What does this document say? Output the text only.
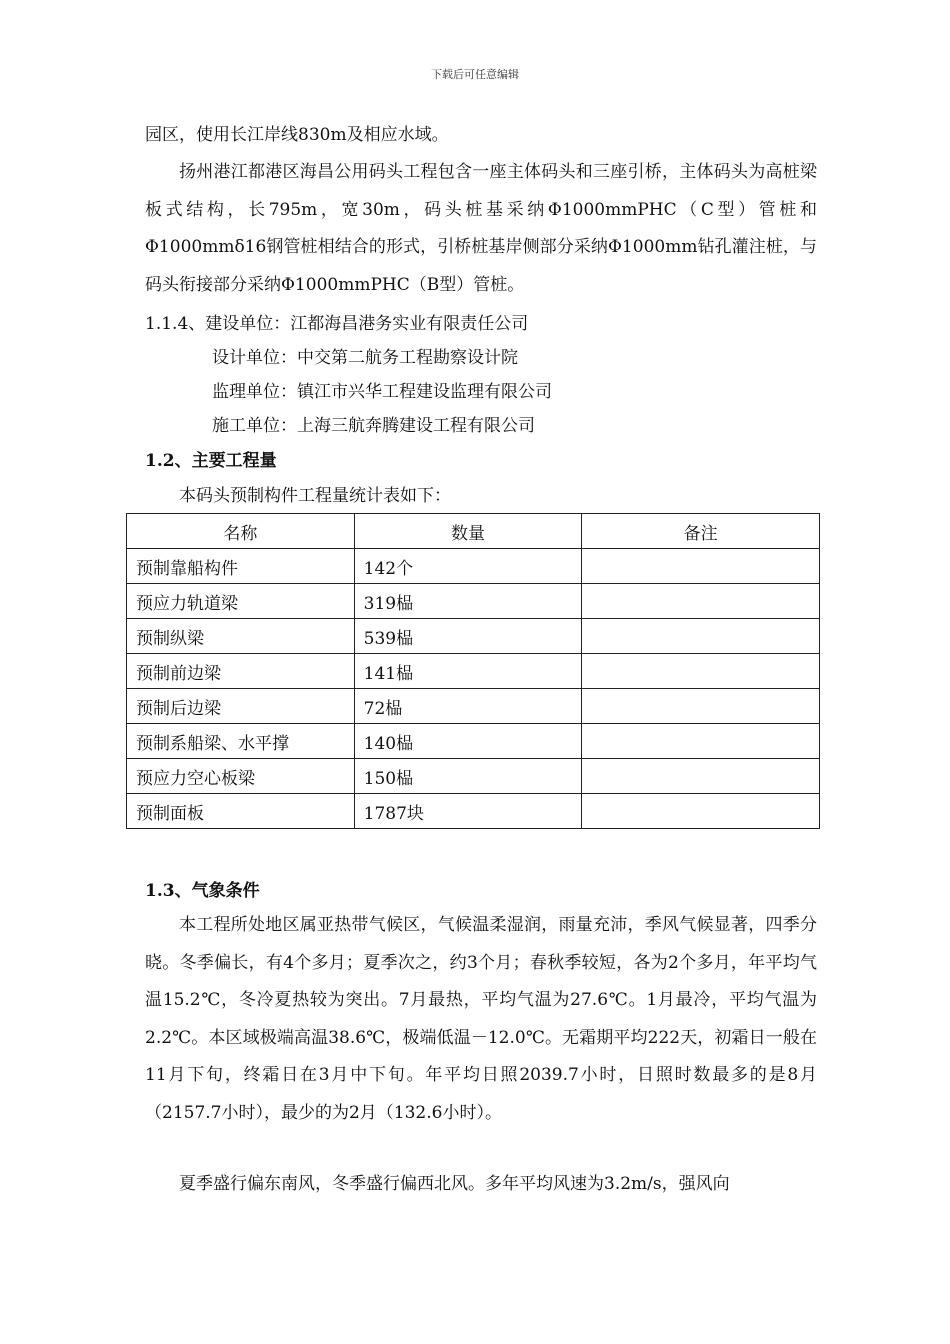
下载后可任意编辑

园区，使用长江岸线830m及相应水域。

扬州港江都港区海昌公用码头工程包含一座主体码头和三座引桥，主体码头为高桩梁板式结构，长795m，宽30m，码头桩基采纳Φ1000mmPHC（C型）管桩和Φ1000mmδ16钢管桩相结合的形式，引桥桩基岸侧部分采纳Φ1000mm钻孔灌注桩，与码头衔接部分采纳Φ1000mmPHC（B型）管桩。

1.1.4、建设单位：江都海昌港务实业有限责任公司
设计单位：中交第二航务工程勘察设计院
监理单位：镇江市兴华工程建设监理有限公司
施工单位：上海三航奔腾建设工程有限公司
1.2、主要工程量
本码头预制构件工程量统计表如下：
名称	数量	备注
预制靠船构件	142个	
预应力轨道梁	319榀	
预制纵梁	539榀	
预制前边梁	141榀	
预制后边梁	72榀	
预制系船梁、水平撑	140榀	
预应力空心板梁	150榀	
预制面板	1787块	
1.3、气象条件

本工程所处地区属亚热带气候区，气候温柔湿润，雨量充沛，季风气候显著，四季分晓。冬季偏长，有4个多月；夏季次之，约3个月；春秋季较短，各为2个多月，年平均气温15.2℃，冬冷夏热较为突出。7月最热，平均气温为27.6℃。1月最冷，平均气温为2.2℃。本区域极端高温38.6℃，极端低温－12.0℃。无霜期平均222天，初霜日一般在11月下旬，终霜日在3月中下旬。年平均日照2039.7小时，日照时数最多的是8月（2157.7小时），最少的为2月（132.6小时）。

夏季盛行偏东南风，冬季盛行偏西北风。多年平均风速为3.2m/s，强风向
